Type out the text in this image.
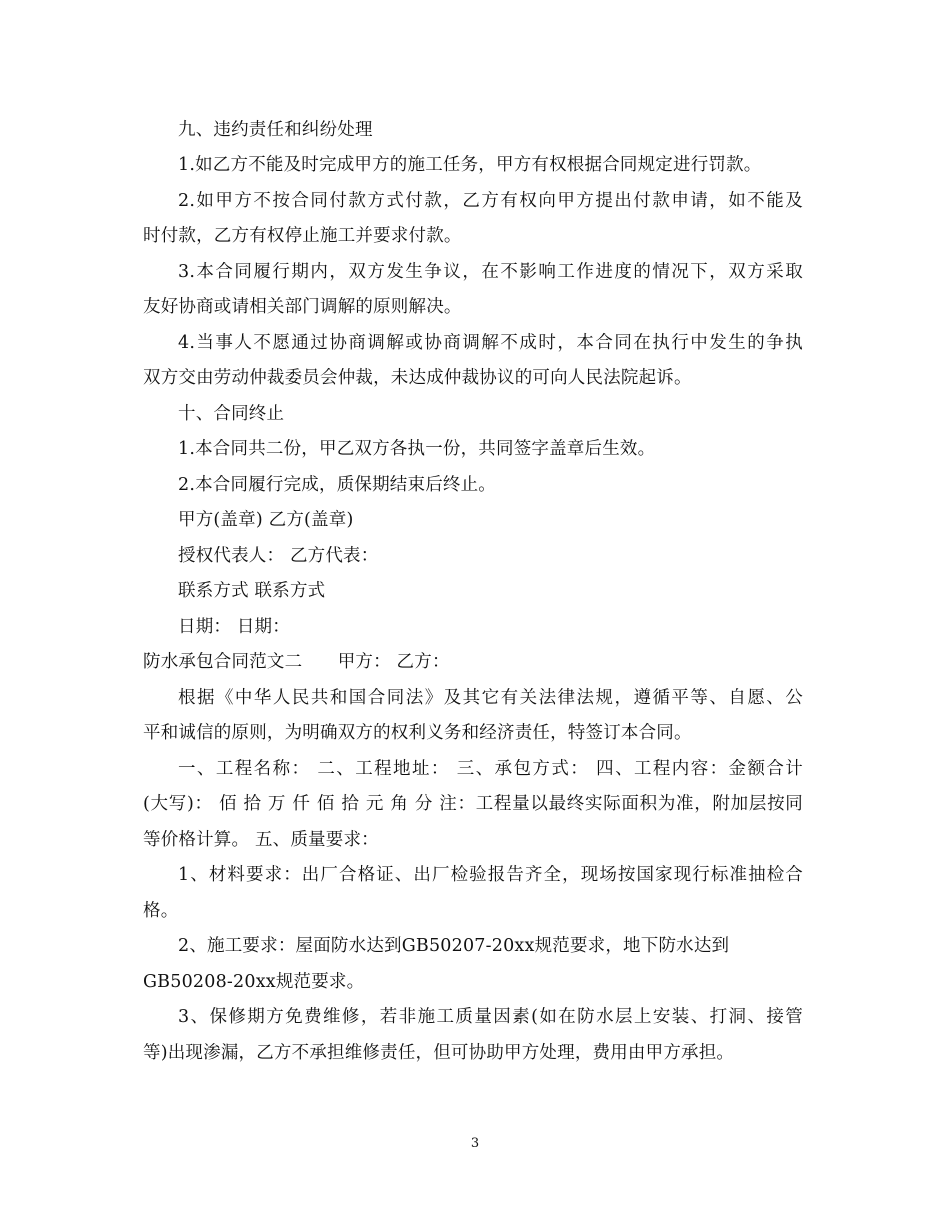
九、违约责任和纠纷处理
1.如乙方不能及时完成甲方的施工任务，甲方有权根据合同规定进行罚款。
2.如甲方不按合同付款方式付款，乙方有权向甲方提出付款申请，如不能及
时付款，乙方有权停止施工并要求付款。
3.本合同履行期内，双方发生争议，在不影响工作进度的情况下，双方采取
友好协商或请相关部门调解的原则解决。
4.当事人不愿通过协商调解或协商调解不成时，本合同在执行中发生的争执
双方交由劳动仲裁委员会仲裁，未达成仲裁协议的可向人民法院起诉。
十、合同终止
1.本合同共二份，甲乙双方各执一份，共同签字盖章后生效。
2.本合同履行完成，质保期结束后终止。
甲方(盖章) 乙方(盖章)
授权代表人： 乙方代表：
联系方式 联系方式
日期： 日期：
防水承包合同范文二　　甲方： 乙方：
根据《中华人民共和国合同法》及其它有关法律法规，遵循平等、自愿、公
平和诚信的原则，为明确双方的权利义务和经济责任，特签订本合同。
一、工程名称： 二、工程地址： 三、承包方式： 四、工程内容：金额合计
(大写)： 佰 拾 万 仟 佰 拾 元 角 分 注：工程量以最终实际面积为准，附加层按同
等价格计算。 五、质量要求：
1、材料要求：出厂合格证、出厂检验报告齐全，现场按国家现行标准抽检合
格。
2、施工要求：屋面防水达到GB50207-20xx规范要求，地下防水达到
GB50208-20xx规范要求。
3、保修期方免费维修，若非施工质量因素(如在防水层上安装、打洞、接管
等)出现渗漏，乙方不承担维修责任，但可协助甲方处理，费用由甲方承担。
3
